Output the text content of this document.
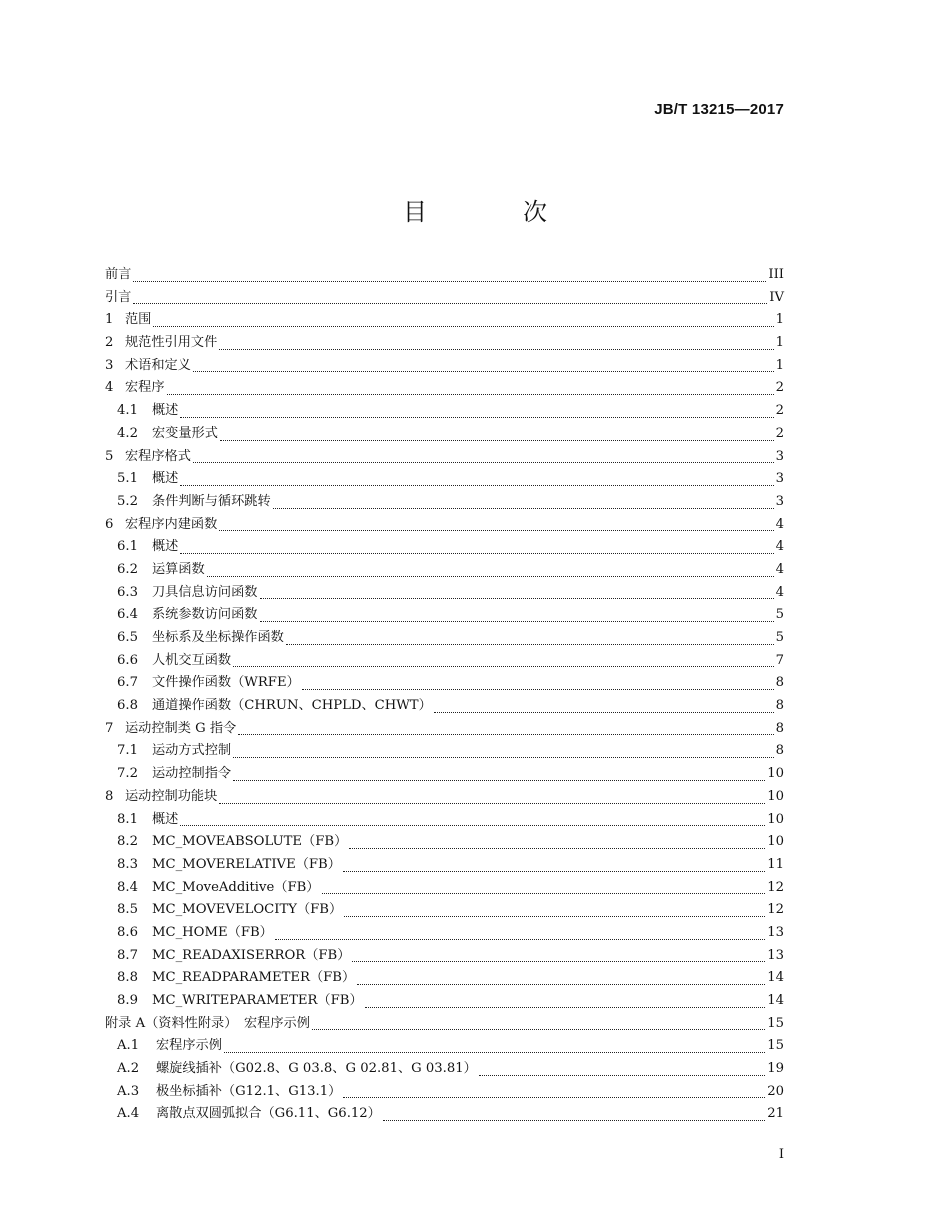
JB/T 13215—2017
目　次
前言	III
引言	IV
1 范围	1
2 规范性引用文件	1
3 术语和定义	1
4 宏程序	2
4.1	概述	2
4.2	宏变量形式	2
5 宏程序格式	3
5.1	概述	3
5.2	条件判断与循环跳转	3
6 宏程序内建函数	4
6.1	概述	4
6.2	运算函数	4
6.3	刀具信息访问函数	4
6.4	系统参数访问函数	5
6.5	坐标系及坐标操作函数	5
6.6	人机交互函数	7
6.7	文件操作函数（WRFE）	8
6.8	通道操作函数（CHRUN、CHPLD、CHWT）	8
7 运动控制类 G 指令	8
7.1	运动方式控制	8
7.2	运动控制指令	10
8 运动控制功能块	10
8.1	概述	10
8.2	MC_MOVEABSOLUTE（FB）	10
8.3	MC_MOVERELATIVE（FB）	11
8.4	MC_MoveAdditive（FB）	12
8.5	MC_MOVEVELOCITY（FB）	12
8.6	MC_HOME（FB）	13
8.7	MC_READAXISERROR（FB）	13
8.8	MC_READPARAMETER（FB）	14
8.9	MC_WRITEPARAMETER（FB）	14
附录 A（资料性附录）　宏程序示例	15
A.1	宏程序示例	15
A.2	螺旋线插补（G02.8、G 03.8、G 02.81、G 03.81）	19
A.3	极坐标插补（G12.1、G13.1）	20
A.4	离散点双圆弧拟合（G6.11、G6.12）	21
I
